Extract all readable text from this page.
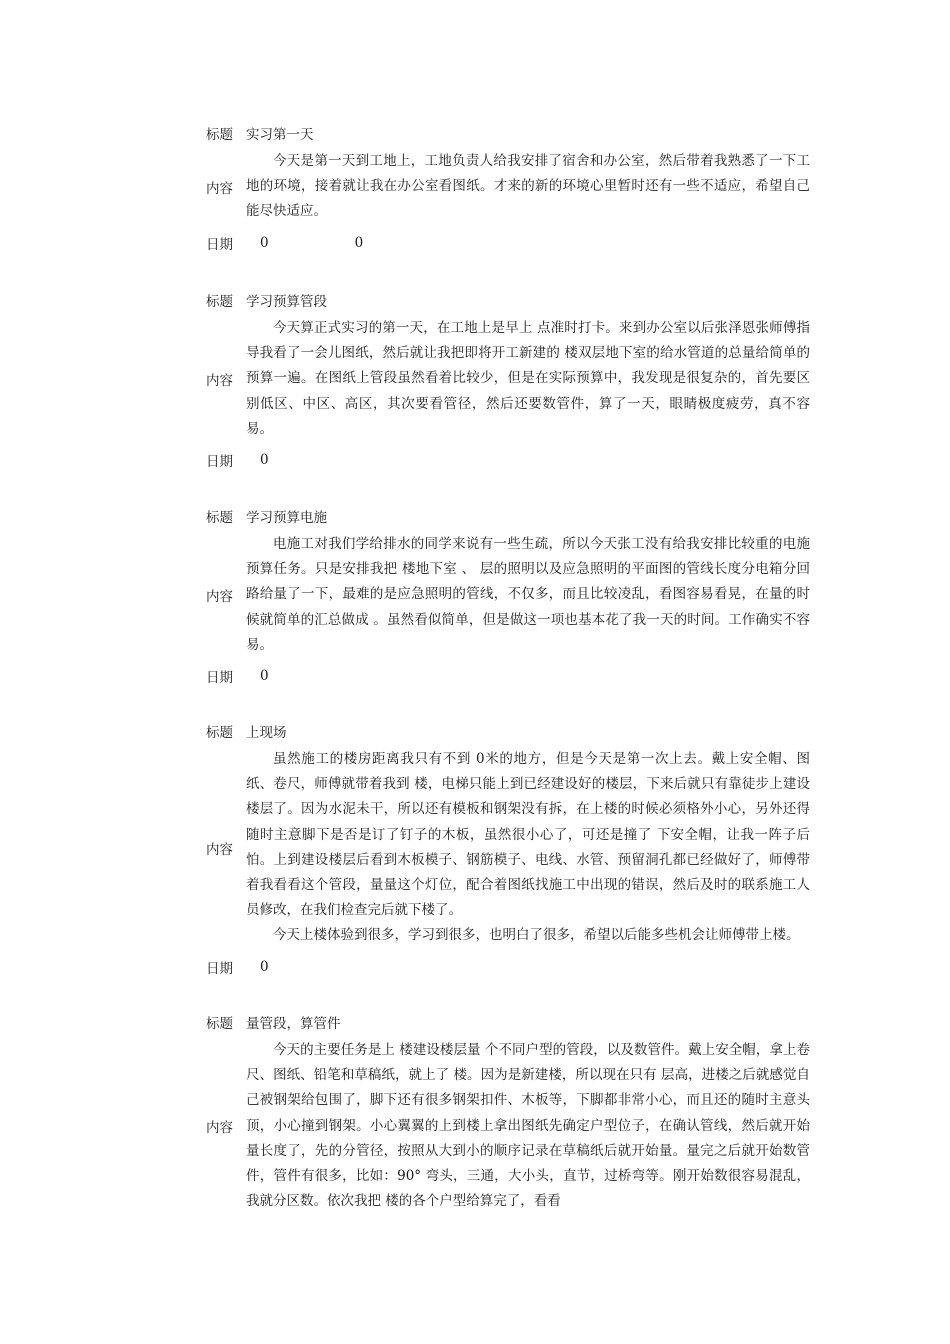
标题 实习第一天
内容
今天是第一天到工地上，工地负责人给我安排了宿舍和办公室，然后带着我熟悉了一下工地的环境，接着就让我在办公室看图纸。才来的新的环境心里暂时还有一些不适应，希望自己能尽快适应。
日期	0	0
标题 学习预算管段
内容
今天算正式实习的第一天，在工地上是早上 点准时打卡。来到办公室以后张泽恩张师傅指导我看了一会儿图纸，然后就让我把即将开工新建的 楼双层地下室的给水管道的总量给简单的预算一遍。在图纸上管段虽然看着比较少，但是在实际预算中，我发现是很复杂的，首先要区别低区、中区、高区，其次要看管径，然后还要数管件，算了一天，眼睛极度疲劳，真不容易。
日期	0
标题 学习预算电施
内容
电施工对我们学给排水的同学来说有一些生疏，所以今天张工没有给我安排比较重的电施预算任务。只是安排我把 楼地下室 、 层的照明以及应急照明的平面图的管线长度分电箱分回路给量了一下，最难的是应急照明的管线，不仅多，而且比较凌乱，看图容易看晃，在量的时候就简单的汇总做成 。虽然看似简单，但是做这一项也基本花了我一天的时间。工作确实不容易。
日期	0
标题 上现场
内容
虽然施工的楼房距离我只有不到 0米的地方，但是今天是第一次上去。戴上安全帽、图纸、卷尺，师傅就带着我到 楼，电梯只能上到已经建设好的楼层，下来后就只有靠徒步上建设楼层了。因为水泥未干，所以还有模板和钢架没有拆，在上楼的时候必须格外小心，另外还得随时主意脚下是否是订了钉子的木板，虽然很小心了，可还是撞了 下安全帽，让我一阵子后怕。上到建设楼层后看到木板模子、钢筋模子、电线、水管、预留洞孔都已经做好了，师傅带着我看看这个管段，量量这个灯位，配合着图纸找施工中出现的错误，然后及时的联系施工人员修改，在我们检查完后就下楼了。
今天上楼体验到很多，学习到很多，也明白了很多，希望以后能多些机会让师傅带上楼。
日期	0
标题 量管段，算管件
内容
今天的主要任务是上 楼建设楼层量 个不同户型的管段，以及数管件。戴上安全帽，拿上卷尺、图纸、铅笔和草稿纸，就上了 楼。因为是新建楼，所以现在只有 层高，进楼之后就感觉自己被钢架给包围了，脚下还有很多钢架扣件、木板等，下脚都非常小心，而且还的随时主意头顶，小心撞到钢架。小心翼翼的上到楼上拿出图纸先确定户型位子，在确认管线，然后就开始量长度了，先的分管径，按照从大到小的顺序记录在草稿纸后就开始量。量完之后就开始数管件，管件有很多，比如：90° 弯头，三通，大小头，直节，过桥弯等。刚开始数很容易混乱，我就分区数。依次我把 楼的各个户型给算完了，看看
